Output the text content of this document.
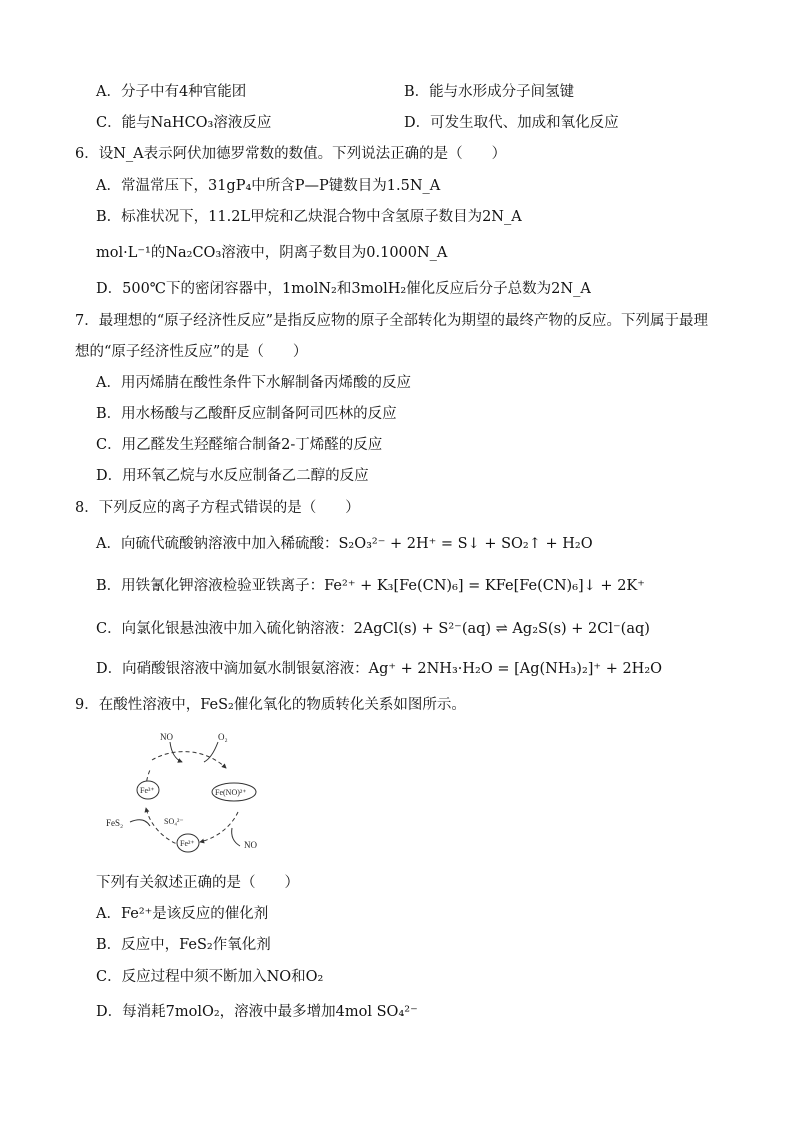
A．分子中有4种官能团	B．能与水形成分子间氢键
C．能与NaHCO₃溶液反应	D．可发生取代、加成和氧化反应
6．设N_A表示阿伏加德罗常数的数值。下列说法正确的是（　　）
A．常温常压下，31gP₄中所含P—P键数目为1.5N_A
B．标准状况下，11.2L甲烷和乙炔混合物中含氢原子数目为2N_A
mol·L⁻¹的Na₂CO₃溶液中，阴离子数目为0.1000N_A
D．500℃下的密闭容器中，1molN₂和3molH₂催化反应后分子总数为2N_A
7．最理想的“原子经济性反应”是指反应物的原子全部转化为期望的最终产物的反应。下列属于最理
想的“原子经济性反应”的是（　　）
A．用丙烯腈在酸性条件下水解制备丙烯酸的反应
B．用水杨酸与乙酸酐反应制备阿司匹林的反应
C．用乙醛发生羟醛缩合制备2-丁烯醛的反应
D．用环氧乙烷与水反应制备乙二醇的反应
8．下列反应的离子方程式错误的是（　　）
A．向硫代硫酸钠溶液中加入稀硫酸：S₂O₃²⁻ + 2H⁺ = S↓ + SO₂↑ + H₂O
B．用铁氰化钾溶液检验亚铁离子：Fe²⁺ + K₃[Fe(CN)₆] = KFe[Fe(CN)₆]↓ + 2K⁺
C．向氯化银悬浊液中加入硫化钠溶液：2AgCl(s) + S²⁻(aq) ⇌ Ag₂S(s) + 2Cl⁻(aq)
D．向硝酸银溶液中滴加氨水制银氨溶液：Ag⁺ + 2NH₃·H₂O = [Ag(NH₃)₂]⁺ + 2H₂O
9．在酸性溶液中，FeS₂催化氧化的物质转化关系如图所示。
NO	O₂
Fe³⁺	Fe(NO)²⁺
FeS₂	SO₄²⁻
Fe²⁺	NO
下列有关叙述正确的是（　　）
A．Fe²⁺是该反应的催化剂
B．反应中，FeS₂作氧化剂
C．反应过程中须不断加入NO和O₂
D．每消耗7molO₂，溶液中最多增加4mol SO₄²⁻
